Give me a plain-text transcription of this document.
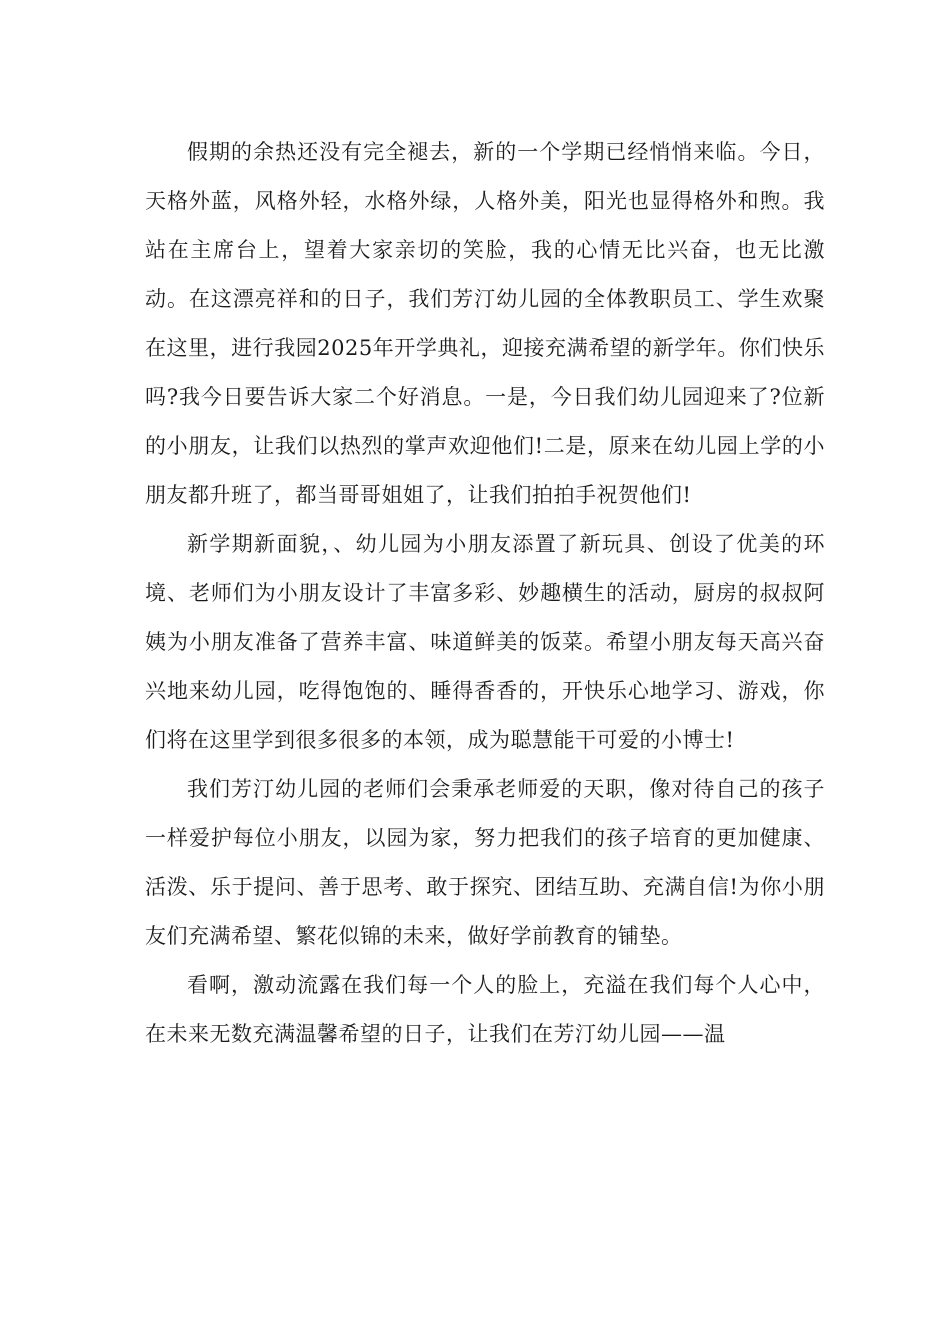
假期的余热还没有完全褪去，新的一个学期已经悄悄来临。今日，天格外蓝，风格外轻，水格外绿，人格外美，阳光也显得格外和煦。我站在主席台上，望着大家亲切的笑脸，我的心情无比兴奋，也无比激动。在这漂亮祥和的日子，我们芳汀幼儿园的全体教职员工、学生欢聚在这里，进行我园2025年开学典礼，迎接充满希望的新学年。你们快乐吗?我今日要告诉大家二个好消息。一是，今日我们幼儿园迎来了?位新的小朋友，让我们以热烈的掌声欢迎他们!二是，原来在幼儿园上学的小朋友都升班了，都当哥哥姐姐了，让我们拍拍手祝贺他们!

新学期新面貌，、幼儿园为小朋友添置了新玩具、创设了优美的环境、老师们为小朋友设计了丰富多彩、妙趣横生的活动，厨房的叔叔阿姨为小朋友准备了营养丰富、味道鲜美的饭菜。希望小朋友每天高兴奋兴地来幼儿园，吃得饱饱的、睡得香香的，开快乐心地学习、游戏，你们将在这里学到很多很多的本领，成为聪慧能干可爱的小博士!

我们芳汀幼儿园的老师们会秉承老师爱的天职，像对待自己的孩子一样爱护每位小朋友，以园为家，努力把我们的孩子培育的更加健康、活泼、乐于提问、善于思考、敢于探究、团结互助、充满自信!为你小朋友们充满希望、繁花似锦的未来，做好学前教育的铺垫。

看啊，激动流露在我们每一个人的脸上，充溢在我们每个人心中，在未来无数充满温馨希望的日子，让我们在芳汀幼儿园——温
